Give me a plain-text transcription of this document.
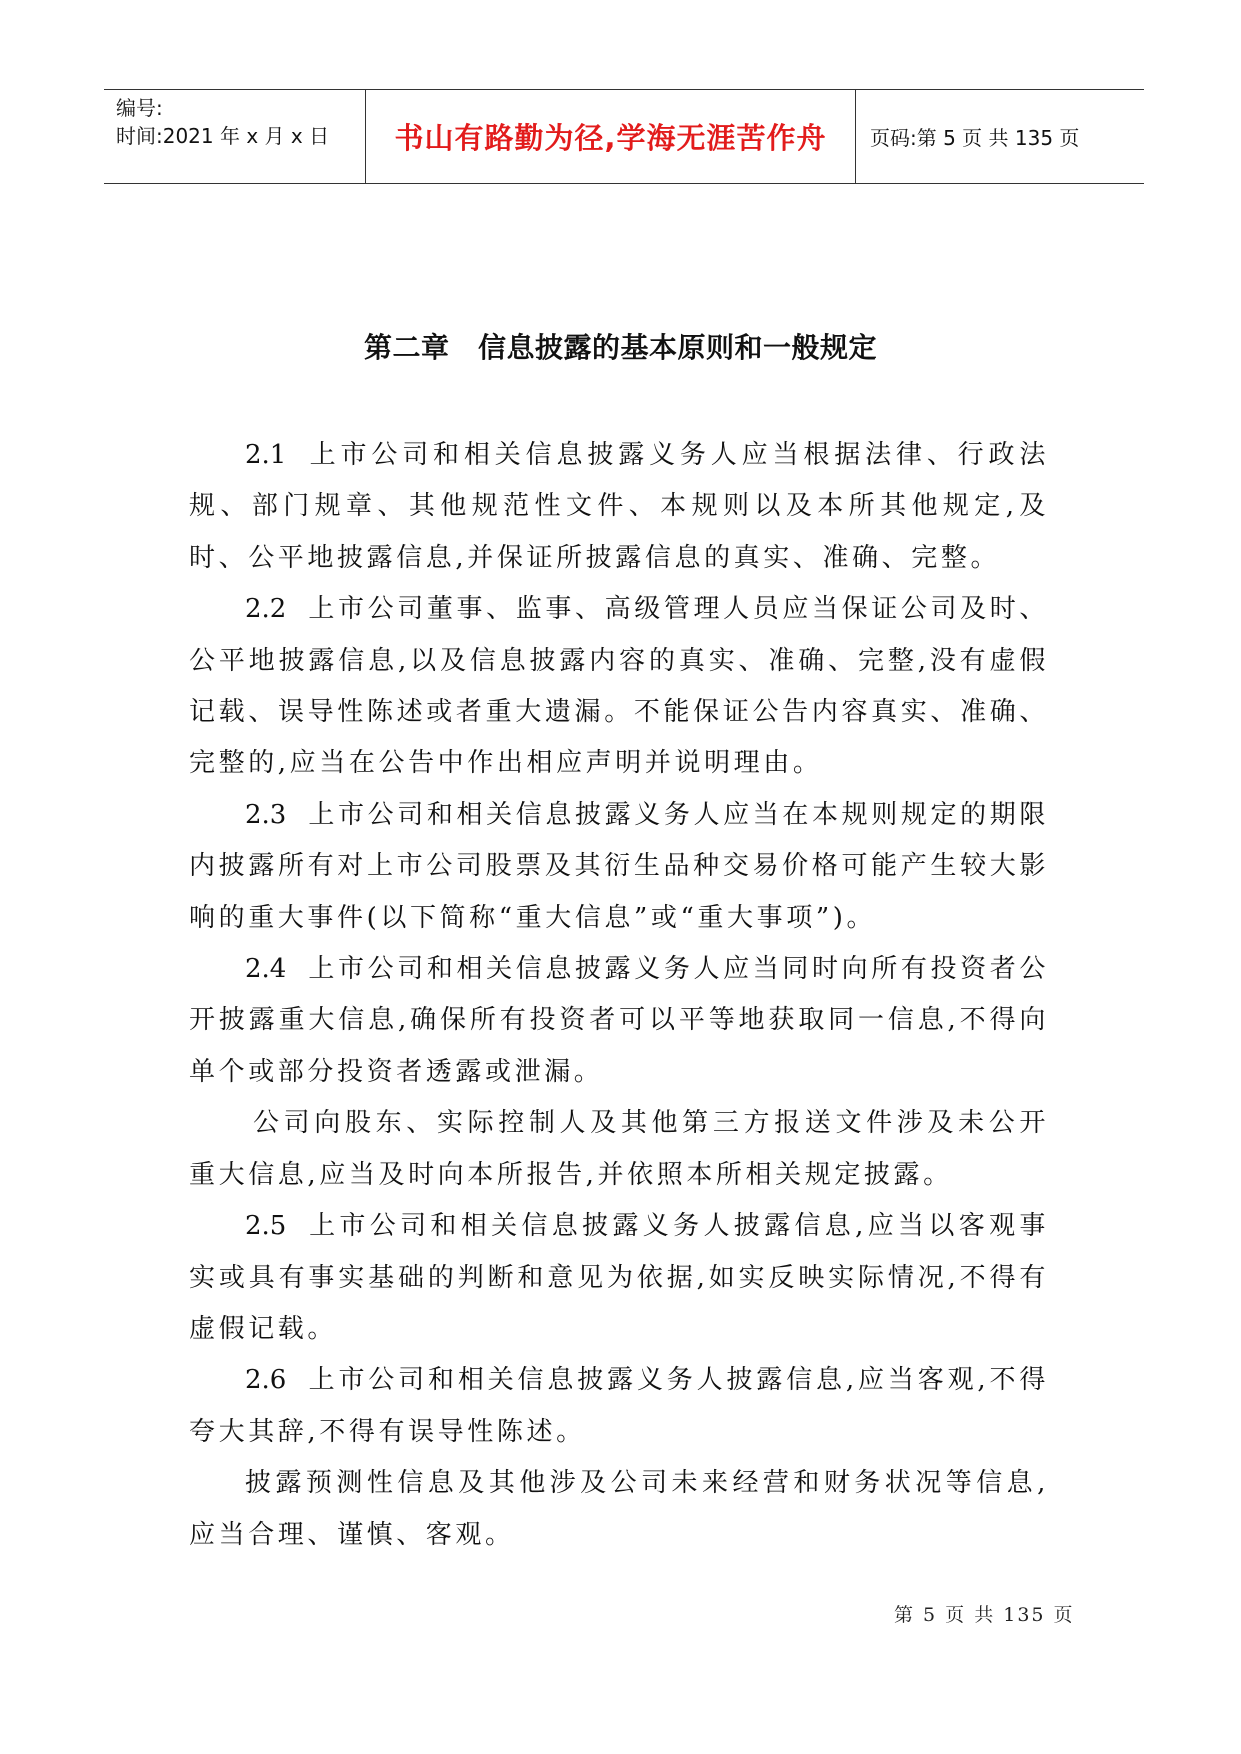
编号:
时间:2021 年 x 月 x 日	书山有路勤为径,学海无涯苦作舟	页码:第 5 页 共 135 页
第二章　信息披露的基本原则和一般规定

2.1 上市公司和相关信息披露义务人应当根据法律、行政法规、部门规章、其他规范性文件、本规则以及本所其他规定,及时、公平地披露信息,并保证所披露信息的真实、准确、完整。

2.2 上市公司董事、监事、高级管理人员应当保证公司及时、公平地披露信息,以及信息披露内容的真实、准确、完整,没有虚假记载、误导性陈述或者重大遗漏。不能保证公告内容真实、准确、完整的,应当在公告中作出相应声明并说明理由。

2.3 上市公司和相关信息披露义务人应当在本规则规定的期限内披露所有对上市公司股票及其衍生品种交易价格可能产生较大影响的重大事件(以下简称“重大信息”或“重大事项”)。

2.4 上市公司和相关信息披露义务人应当同时向所有投资者公开披露重大信息,确保所有投资者可以平等地获取同一信息,不得向单个或部分投资者透露或泄漏。

公司向股东、实际控制人及其他第三方报送文件涉及未公开重大信息,应当及时向本所报告,并依照本所相关规定披露。

2.5 上市公司和相关信息披露义务人披露信息,应当以客观事实或具有事实基础的判断和意见为依据,如实反映实际情况,不得有虚假记载。

2.6 上市公司和相关信息披露义务人披露信息,应当客观,不得夸大其辞,不得有误导性陈述。

披露预测性信息及其他涉及公司未来经营和财务状况等信息,应当合理、谨慎、客观。

第 5 页 共 135 页
